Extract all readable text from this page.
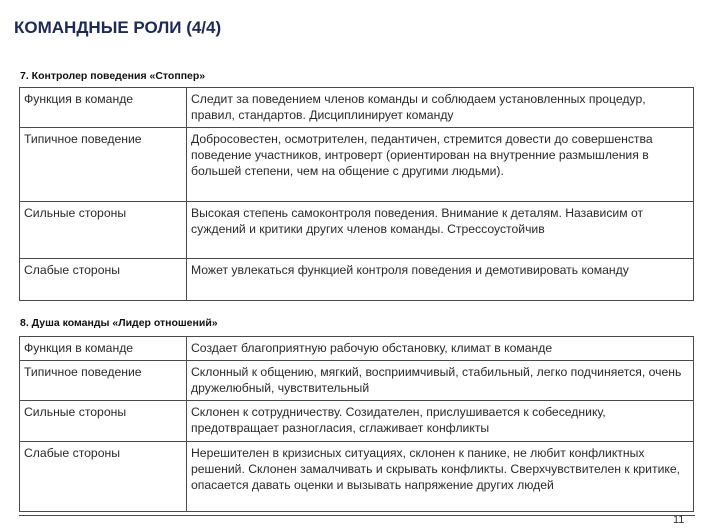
КОМАНДНЫЕ РОЛИ (4/4)
7. Контролер поведения «Стоппер»
Функция в команде	Следит за поведением членов команды и соблюдаем установленных процедур, правил, стандартов. Дисциплинирует команду
Типичное поведение	Добросовестен, осмотрителен, педантичен, стремится довести до совершенства поведение участников, интроверт (ориентирован на внутренние размышления в большей степени, чем на общение с другими людьми).
Сильные стороны	Высокая степень самоконтроля поведения. Внимание к деталям. Назависим от суждений и критики других членов команды. Стрессоустойчив
Слабые стороны	Может увлекаться функцией контроля поведения и демотивировать команду
8. Душа команды «Лидер отношений»
Функция в команде	Создает благоприятную рабочую обстановку, климат в команде
Типичное поведение	Склонный к общению, мягкий, восприимчивый, стабильный, легко подчиняется, очень дружелюбный, чувствительный
Сильные стороны	Склонен к сотрудничеству. Созидателен, прислушивается к собеседнику, предотвращает разногласия, сглаживает конфликты
Слабые стороны	Нерешителен в кризисных ситуациях, склонен к панике, не любит конфликтных решений. Склонен замалчивать и скрывать конфликты. Сверхчувствителен к критике, опасается давать оценки и вызывать напряжение других людей
11
